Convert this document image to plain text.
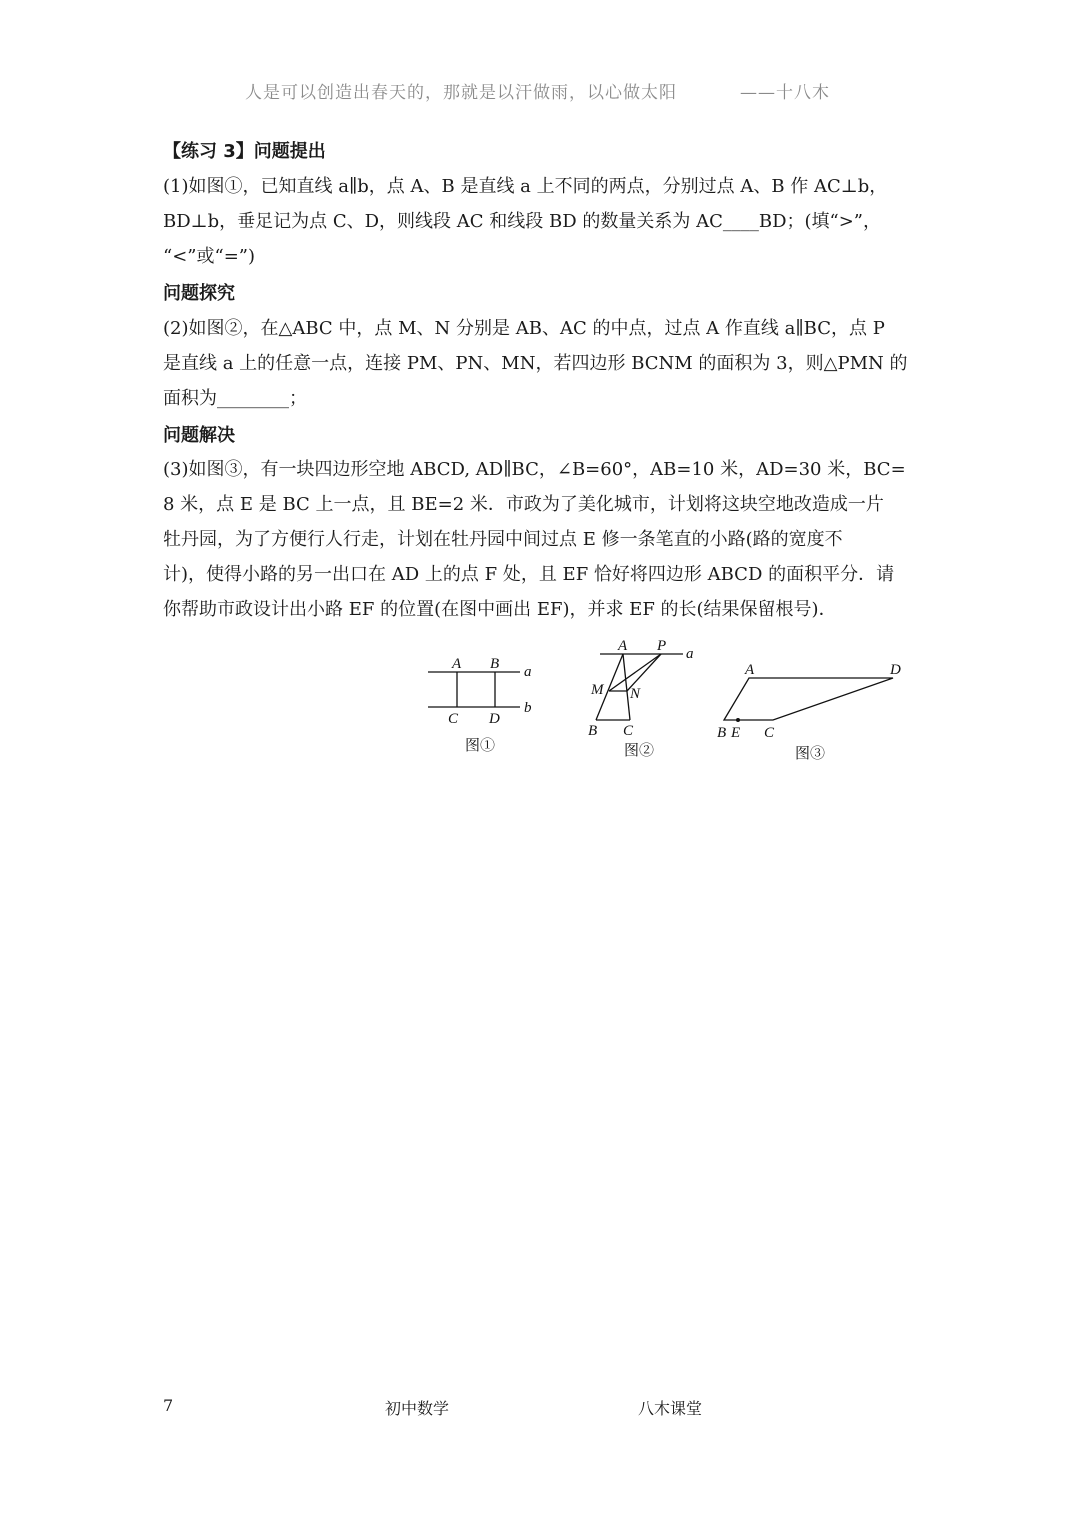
人是可以创造出春天的，那就是以汗做雨，以心做太阳	——十八木
【练习 3】问题提出
(1)如图①，已知直线 a∥b，点 A、B 是直线 a 上不同的两点，分别过点 A、B 作 AC⊥b，
BD⊥b，垂足记为点 C、D，则线段 AC 和线段 BD 的数量关系为 AC____BD；(填“>”，
“<”或“=”)
问题探究
(2)如图②，在△ABC 中，点 M、N 分别是 AB、AC 的中点，过点 A 作直线 a∥BC，点 P
是直线 a 上的任意一点，连接 PM、PN、MN，若四边形 BCNM 的面积为 3，则△PMN 的
面积为________；
问题解决
(3)如图③，有一块四边形空地 ABCD, AD∥BC，∠B=60°，AB=10 米，AD=30 米，BC=
8 米，点 E 是 BC 上一点，且 BE=2 米．市政为了美化城市，计划将这块空地改造成一片
牡丹园，为了方便行人行走，计划在牡丹园中间过点 E 修一条笔直的小路(路的宽度不
计)，使得小路的另一出口在 AD 上的点 F 处，且 EF 恰好将四边形 ABCD 的面积平分．请
你帮助市政设计出小路 EF 的位置(在图中画出 EF)，并求 EF 的长(结果保留根号)．
A B a
b
C D
图①
A P a
M N
B C
图②
A	D
B E C
图③
7	初中数学	八木课堂
